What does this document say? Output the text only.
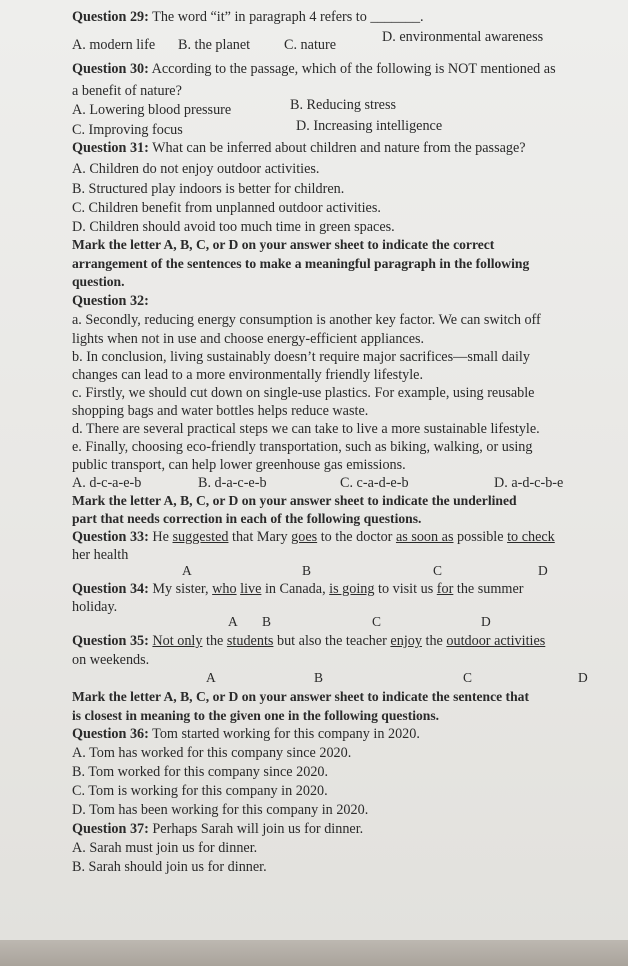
Question 29: The word “it” in paragraph 4 refers to _______.
A. modern life B. the planet C. nature	D. environmental awareness
Question 30: According to the passage, which of the following is NOT mentioned as
a benefit of nature?
A. Lowering blood pressure	B. Reducing stress
C. Improving focus	D. Increasing intelligence
Question 31: What can be inferred about children and nature from the passage?
A. Children do not enjoy outdoor activities.
B. Structured play indoors is better for children.
C. Children benefit from unplanned outdoor activities.
D. Children should avoid too much time in green spaces.
Mark the letter A, B, C, or D on your answer sheet to indicate the correct
arrangement of the sentences to make a meaningful paragraph in the following
question.
Question 32:
a. Secondly, reducing energy consumption is another key factor. We can switch off
lights when not in use and choose energy-efficient appliances.
b. In conclusion, living sustainably doesn’t require major sacrifices—small daily
changes can lead to a more environmentally friendly lifestyle.
c. Firstly, we should cut down on single-use plastics. For example, using reusable
shopping bags and water bottles helps reduce waste.
d. There are several practical steps we can take to live a more sustainable lifestyle.
e. Finally, choosing eco-friendly transportation, such as biking, walking, or using
public transport, can help lower greenhouse gas emissions.
A. d-c-a-e-b	B. d-a-c-e-b	C. c-a-d-e-b	D. a-d-c-b-e
Mark the letter A, B, C, or D on your answer sheet to indicate the underlined
part that needs correction in each of the following questions.
Question 33: He suggested that Mary goes to the doctor as soon as possible to check
her health
A	B	C	D
Question 34: My sister, who live in Canada, is going to visit us for the summer
holiday.
A B	C	D
Question 35: Not only the students but also the teacher enjoy the outdoor activities
on weekends.
A	B	C	D
Mark the letter A, B, C, or D on your answer sheet to indicate the sentence that
is closest in meaning to the given one in the following questions.
Question 36: Tom started working for this company in 2020.
A. Tom has worked for this company since 2020.
B. Tom worked for this company since 2020.
C. Tom is working for this company in 2020.
D. Tom has been working for this company in 2020.
Question 37: Perhaps Sarah will join us for dinner.
A. Sarah must join us for dinner.
B. Sarah should join us for dinner.
